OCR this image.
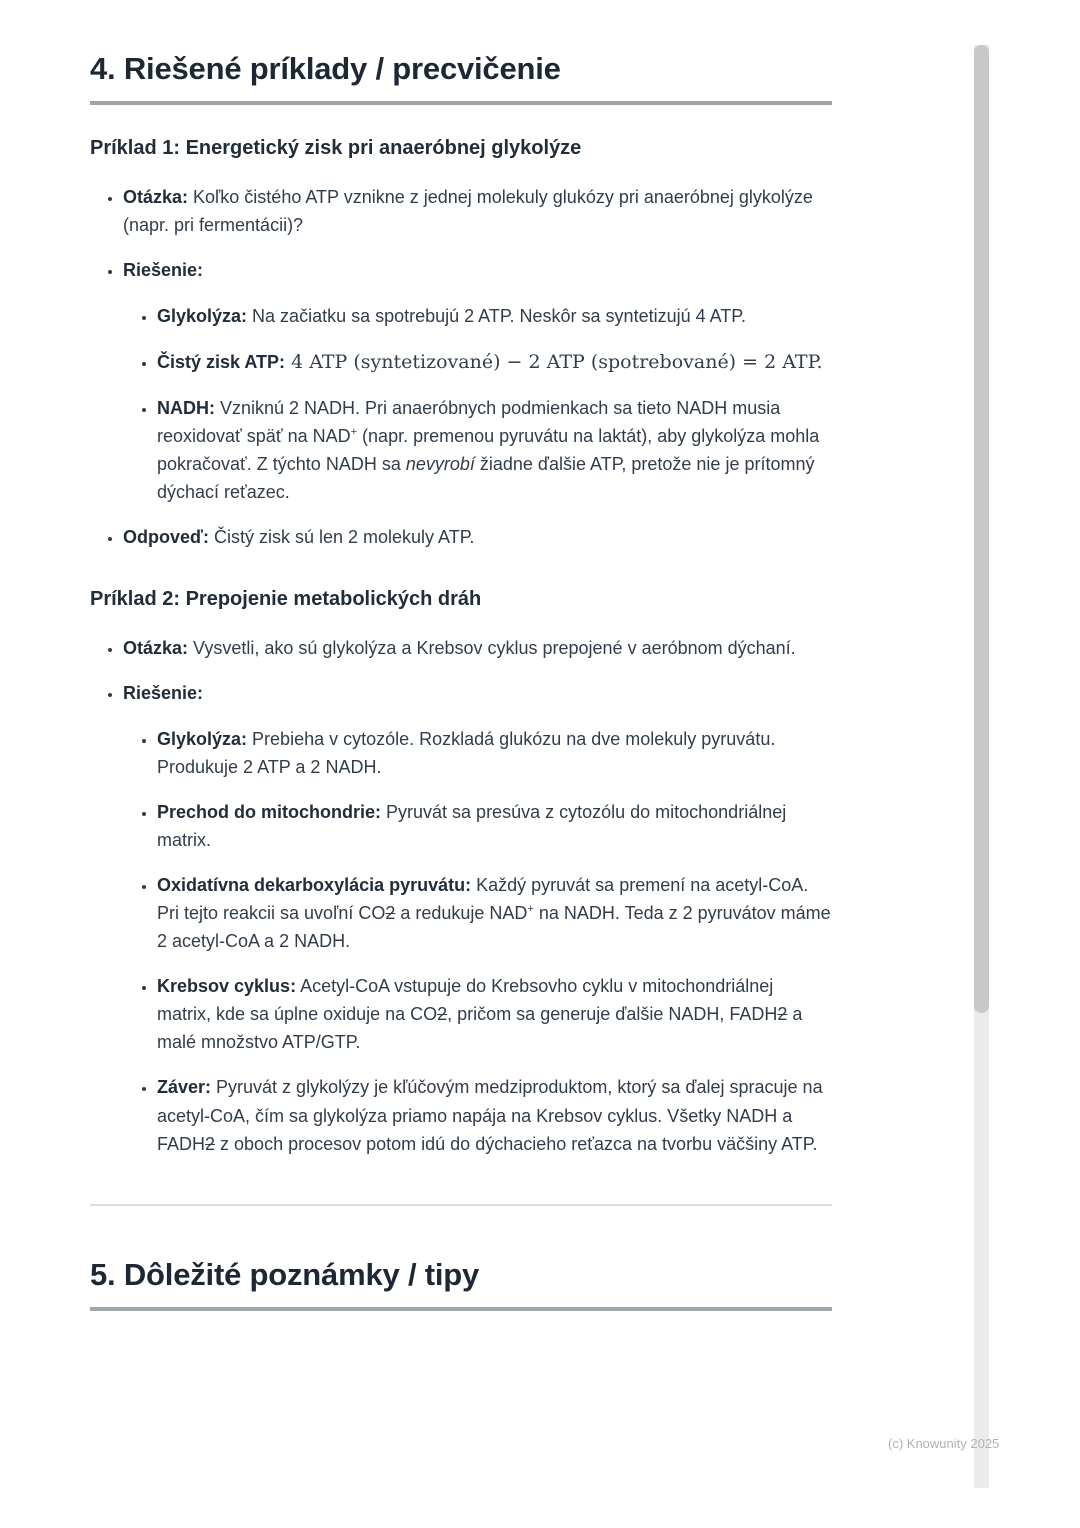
4. Riešené príklady / precvičenie
Príklad 1: Energetický zisk pri anaeróbnej glykolýze
• Otázka: Koľko čistého ATP vznikne z jednej molekuly glukózy pri anaeróbnej glykolýze (napr. pri fermentácii)?
• Riešenie:
• Glykolýza: Na začiatku sa spotrebujú 2 ATP. Neskôr sa syntetizujú 4 ATP.
• Čistý zisk ATP: 4 ATP (syntetizované) − 2 ATP (spotrebované) = 2 ATP.
• NADH: Vzniknú 2 NADH. Pri anaeróbnych podmienkach sa tieto NADH musia reoxidovať späť na NAD+ (napr. premenou pyruvátu na laktát), aby glykolýza mohla pokračovať. Z týchto NADH sa nevyrobí žiadne ďalšie ATP, pretože nie je prítomný dýchací reťazec.
• Odpoveď: Čistý zisk sú len 2 molekuly ATP.
Príklad 2: Prepojenie metabolických dráh
• Otázka: Vysvetli, ako sú glykolýza a Krebsov cyklus prepojené v aeróbnom dýchaní.
• Riešenie:
• Glykolýza: Prebieha v cytozóle. Rozkladá glukózu na dve molekuly pyruvátu. Produkuje 2 ATP a 2 NADH.
• Prechod do mitochondrie: Pyruvát sa presúva z cytozólu do mitochondriálnej matrix.
• Oxidatívna dekarboxylácia pyruvátu: Každý pyruvát sa premení na acetyl-CoA. Pri tejto reakcii sa uvoľní CO2 a redukuje NAD+ na NADH. Teda z 2 pyruvátov máme 2 acetyl-CoA a 2 NADH.
• Krebsov cyklus: Acetyl-CoA vstupuje do Krebsovho cyklu v mitochondriálnej matrix, kde sa úplne oxiduje na CO2, pričom sa generuje ďalšie NADH, FADH2 a malé množstvo ATP/GTP.
• Záver: Pyruvát z glykolýzy je kľúčovým medziproduktom, ktorý sa ďalej spracuje na acetyl-CoA, čím sa glykolýza priamo napája na Krebsov cyklus. Všetky NADH a FADH2 z oboch procesov potom idú do dýchacieho reťazca na tvorbu väčšiny ATP.
5. Dôležité poznámky / tipy
(c) Knowunity 2025
